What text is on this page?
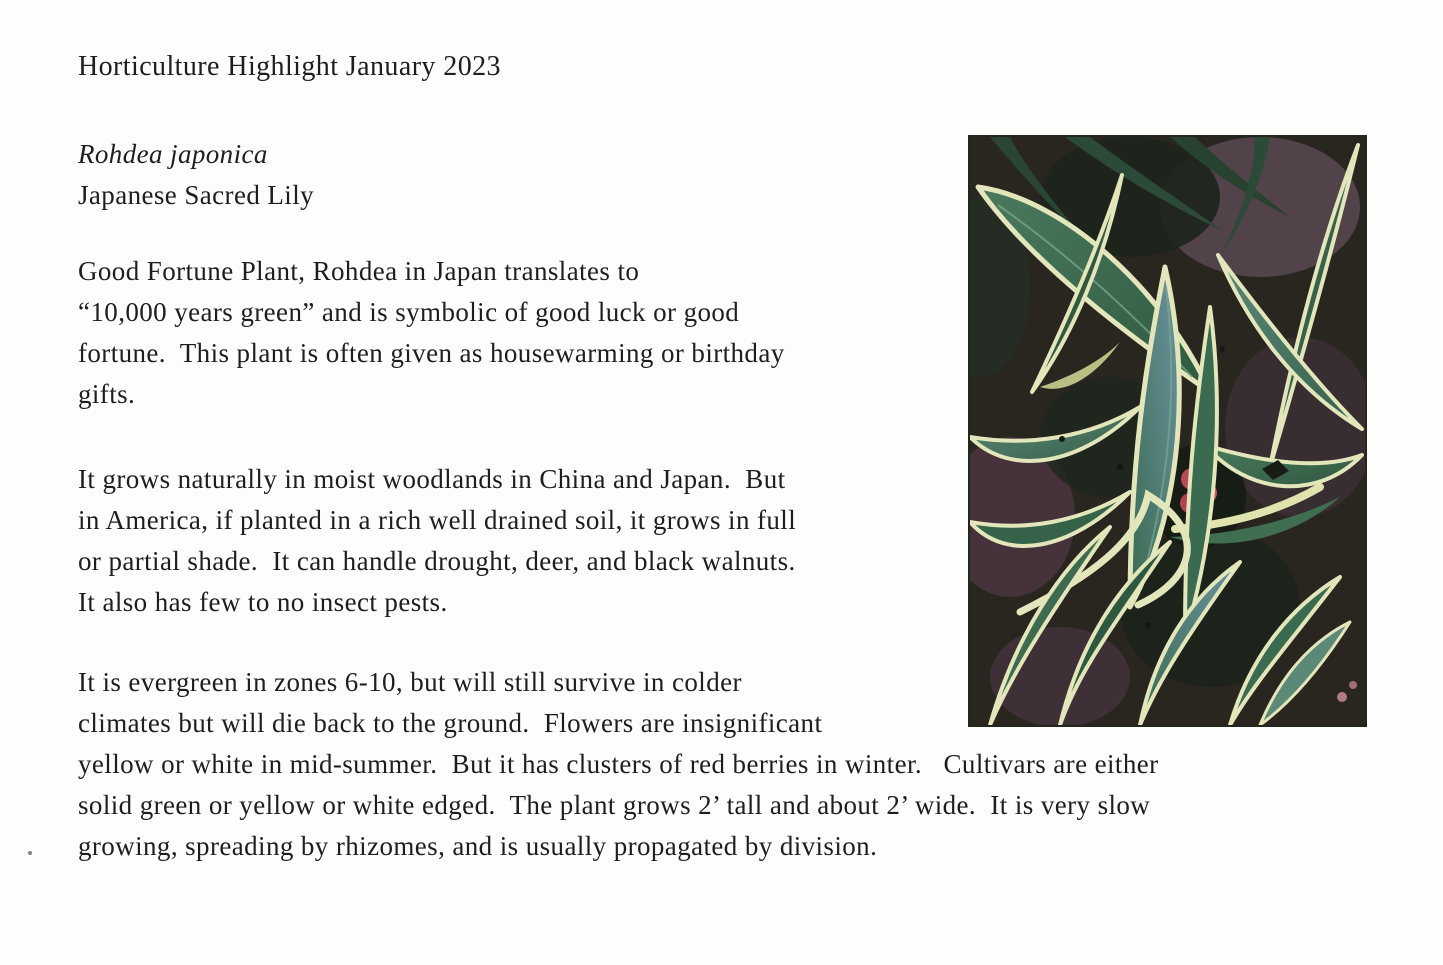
Horticulture Highlight January 2023
Rohdea japonica
Japanese Sacred Lily
Good Fortune Plant, Rohdea in Japan translates to
“10,000 years green” and is symbolic of good luck or good
fortune.  This plant is often given as housewarming or birthday
gifts.
It grows naturally in moist woodlands in China and Japan.  But
in America, if planted in a rich well drained soil, it grows in full
or partial shade.  It can handle drought, deer, and black walnuts.
It also has few to no insect pests.
It is evergreen in zones 6-10, but will still survive in colder
climates but will die back to the ground.  Flowers are insignificant
yellow or white in mid-summer.  But it has clusters of red berries in winter.   Cultivars are either
solid green or yellow or white edged.  The plant grows 2’ tall and about 2’ wide.  It is very slow
growing, spreading by rhizomes, and is usually propagated by division.
